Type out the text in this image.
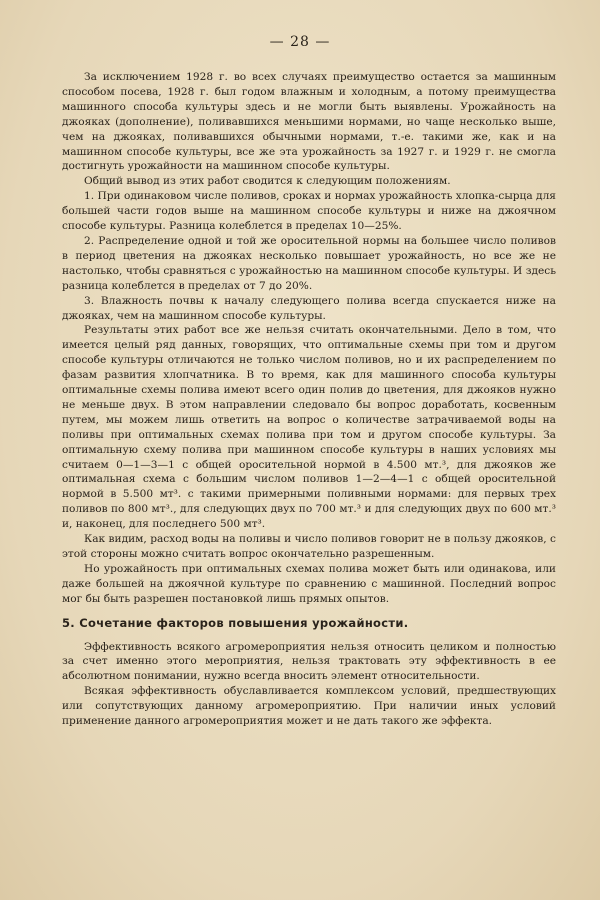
— 28 —

За исключением 1928 г. во всех случаях преимущество остается за машинным способом посева, 1928 г. был годом влажным и холодным, а потому преимущества машинного способа культуры здесь и не могли быть выявлены. Урожайность на джояках (дополнение), поливавшихся меньшими нормами, но чаще несколько выше, чем на джояках, поливавшихся обычными нормами, т.-е. такими же, как и на машинном способе культуры, все же эта урожайность за 1927 г. и 1929 г. не смогла достигнуть урожайности на машинном способе культуры.

Общий вывод из этих работ сводится к следующим положениям.

1. При одинаковом числе поливов, сроках и нормах урожайность хлопка-сырца для большей части годов выше на машинном способе культуры и ниже на джоячном способе культуры. Разница колеблется в пределах 10—25%.

2. Распределение одной и той же оросительной нормы на большее число поливов в период цветения на джояках несколько повышает урожайность, но все же не настолько, чтобы сравняться с урожайностью на машинном способе культуры. И здесь разница колеблется в пределах от 7 до 20%.

3. Влажность почвы к началу следующего полива всегда спускается ниже на джояках, чем на машинном способе культуры.

Результаты этих работ все же нельзя считать окончательными. Дело в том, что имеется целый ряд данных, говорящих, что оптимальные схемы при том и другом способе культуры отличаются не только числом поливов, но и их распределением по фазам развития хлопчатника. В то время, как для машинного способа культуры оптимальные схемы полива имеют всего один полив до цветения, для джояков нужно не меньше двух. В этом направлении следовало бы вопрос доработать, косвенным путем, мы можем лишь ответить на вопрос о количестве затрачиваемой воды на поливы при оптимальных схемах полива при том и другом способе культуры. За оптимальную схему полива при машинном способе культуры в наших условиях мы считаем 0—1—3—1 с общей оросительной нормой в 4.500 мт.³, для джояков же оптимальная схема с большим числом поливов 1—2—4—1 с общей оросительной нормой в 5.500 мт³. с такими примерными поливными нормами: для первых трех поливов по 800 мт³., для следующих двух по 700 мт.³ и для следующих двух по 600 мт.³ и, наконец, для последнего 500 мт³.

Как видим, расход воды на поливы и число поливов говорит не в пользу джояков, с этой стороны можно считать вопрос окончательно разрешенным.

Но урожайность при оптимальных схемах полива может быть или одинакова, или даже большей на джоячной культуре по сравнению с машинной. Последний вопрос мог бы быть разрешен постановкой лишь прямых опытов.

5. Сочетание факторов повышения урожайности.

Эффективность всякого агромероприятия нельзя относить целиком и полностью за счет именно этого мероприятия, нельзя трактовать эту эффективность в ее абсолютном понимании, нужно всегда вносить элемент относительности.

Всякая эффективность обуславливается комплексом условий, предшествующих или сопутствующих данному агромероприятию. При наличии иных условий применение данного агромероприятия может и не дать такого же эффекта.
